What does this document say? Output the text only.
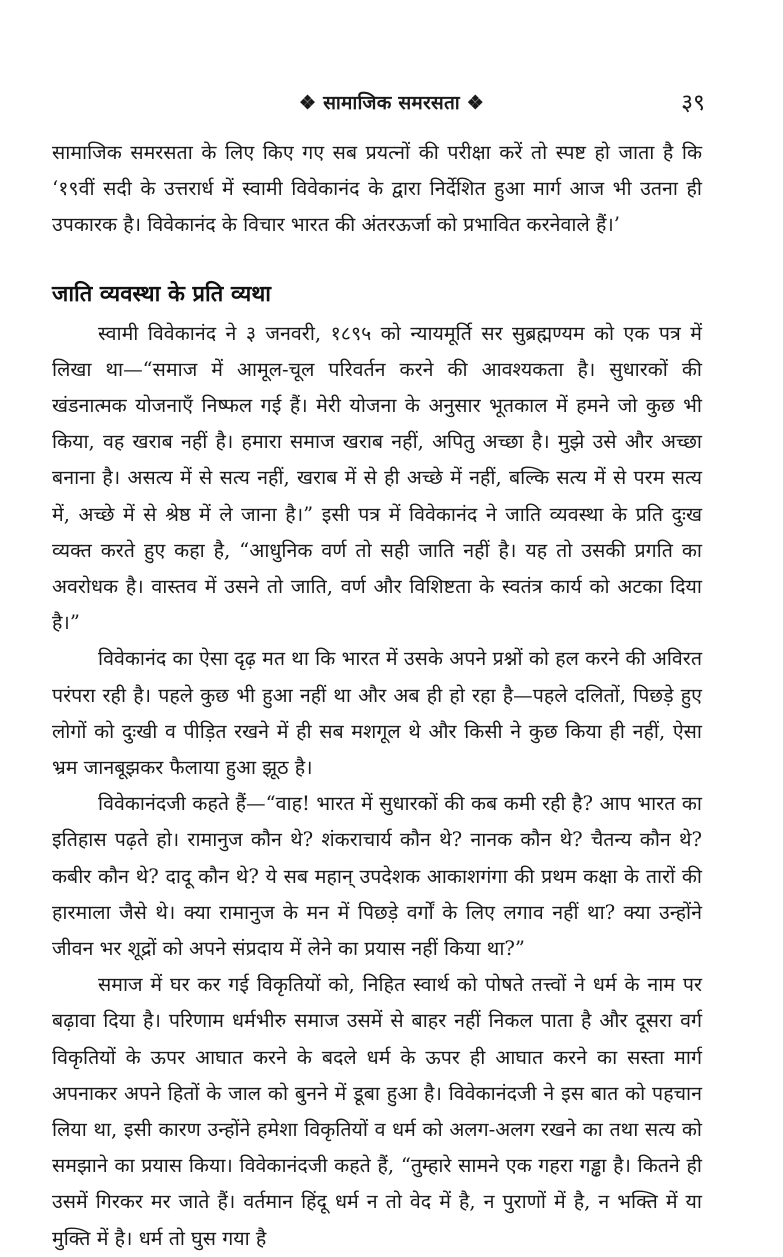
❖ सामाजिक समरसता ❖	३९

सामाजिक समरसता के लिए किए गए सब प्रयत्नों की परीक्षा करें तो स्पष्ट हो जाता है कि ‘१९वीं सदी के उत्तरार्ध में स्वामी विवेकानंद के द्वारा निर्देशित हुआ मार्ग आज भी उतना ही उपकारक है। विवेकानंद के विचार भारत की अंतरऊर्जा को प्रभावित करनेवाले हैं।’

जाति व्यवस्था के प्रति व्यथा

स्वामी विवेकानंद ने ३ जनवरी, १८९५ को न्यायमूर्ति सर सुब्रह्मण्यम को एक पत्र में लिखा था—“समाज में आमूल-चूल परिवर्तन करने की आवश्यकता है। सुधारकों की खंडनात्मक योजनाएँ निष्फल गई हैं। मेरी योजना के अनुसार भूतकाल में हमने जो कुछ भी किया, वह खराब नहीं है। हमारा समाज खराब नहीं, अपितु अच्छा है। मुझे उसे और अच्छा बनाना है। असत्य में से सत्य नहीं, खराब में से ही अच्छे में नहीं, बल्कि सत्य में से परम सत्य में, अच्छे में से श्रेष्ठ में ले जाना है।” इसी पत्र में विवेकानंद ने जाति व्यवस्था के प्रति दुःख व्यक्त करते हुए कहा है, “आधुनिक वर्ण तो सही जाति नहीं है। यह तो उसकी प्रगति का अवरोधक है। वास्तव में उसने तो जाति, वर्ण और विशिष्टता के स्वतंत्र कार्य को अटका दिया है।”

विवेकानंद का ऐसा दृढ़ मत था कि भारत में उसके अपने प्रश्नों को हल करने की अविरत परंपरा रही है। पहले कुछ भी हुआ नहीं था और अब ही हो रहा है—पहले दलितों, पिछड़े हुए लोगों को दुःखी व पीड़ित रखने में ही सब मशगूल थे और किसी ने कुछ किया ही नहीं, ऐसा भ्रम जानबूझकर फैलाया हुआ झूठ है।

विवेकानंदजी कहते हैं—“वाह! भारत में सुधारकों की कब कमी रही है? आप भारत का इतिहास पढ़ते हो। रामानुज कौन थे? शंकराचार्य कौन थे? नानक कौन थे? चैतन्य कौन थे? कबीर कौन थे? दादू कौन थे? ये सब महान् उपदेशक आकाशगंगा की प्रथम कक्षा के तारों की हारमाला जैसे थे। क्या रामानुज के मन में पिछड़े वर्गों के लिए लगाव नहीं था? क्या उन्होंने जीवन भर शूद्रों को अपने संप्रदाय में लेने का प्रयास नहीं किया था?”

समाज में घर कर गई विकृतियों को, निहित स्वार्थ को पोषते तत्त्वों ने धर्म के नाम पर बढ़ावा दिया है। परिणाम धर्मभीरु समाज उसमें से बाहर नहीं निकल पाता है और दूसरा वर्ग विकृतियों के ऊपर आघात करने के बदले धर्म के ऊपर ही आघात करने का सस्ता मार्ग अपनाकर अपने हितों के जाल को बुनने में डूबा हुआ है। विवेकानंदजी ने इस बात को पहचान लिया था, इसी कारण उन्होंने हमेशा विकृतियों व धर्म को अलग-अलग रखने का तथा सत्य को समझाने का प्रयास किया। विवेकानंदजी कहते हैं, “तुम्हारे सामने एक गहरा गड्ढा है। कितने ही उसमें गिरकर मर जाते हैं। वर्तमान हिंदू धर्म न तो वेद में है, न पुराणों में है, न भक्ति में या मुक्ति में है। धर्म तो घुस गया है
